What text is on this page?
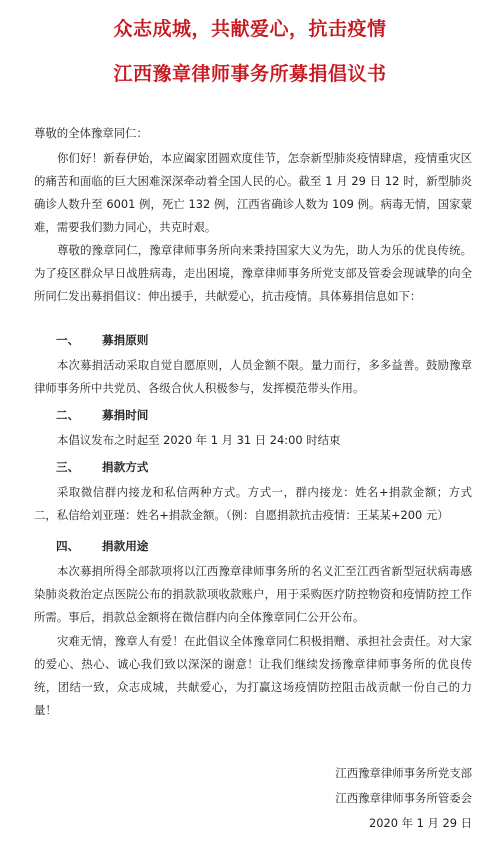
众志成城，共献爱心，抗击疫情
江西豫章律师事务所募捐倡议书

尊敬的全体豫章同仁：

你们好！新春伊始，本应阖家团圆欢度佳节，怎奈新型肺炎疫情肆虐，疫情重灾区的痛苦和面临的巨大困难深深牵动着全国人民的心。截至 1 月 29 日 12 时，新型肺炎确诊人数升至 6001 例，死亡 132 例，江西省确诊人数为 109 例。病毒无情，国家蒙难，需要我们勠力同心，共克时艰。

尊敬的豫章同仁，豫章律师事务所向来秉持国家大义为先，助人为乐的优良传统。为了疫区群众早日战胜病毒，走出困境，豫章律师事务所党支部及管委会现诚挚的向全所同仁发出募捐倡议：伸出援手，共献爱心，抗击疫情。具体募捐信息如下：

一、 募捐原则

本次募捐活动采取自觉自愿原则，人员金额不限。量力而行，多多益善。鼓励豫章律师事务所中共党员、各级合伙人积极参与，发挥模范带头作用。

二、 募捐时间

本倡议发布之时起至 2020 年 1 月 31 日 24:00 时结束

三、 捐款方式

采取微信群内接龙和私信两种方式。方式一，群内接龙：姓名+捐款金额；方式二，私信给刘亚瑾：姓名+捐款金额。（例：自愿捐款抗击疫情：王某某+200 元）

四、 捐款用途

本次募捐所得全部款项将以江西豫章律师事务所的名义汇至江西省新型冠状病毒感染肺炎救治定点医院公布的捐款款项收款账户，用于采购医疗防控物资和疫情防控工作所需。事后，捐款总金额将在微信群内向全体豫章同仁公开公布。

灾难无情，豫章人有爱！在此倡议全体豫章同仁积极捐赠、承担社会责任。对大家的爱心、热心、诚心我们致以深深的谢意！让我们继续发扬豫章律师事务所的优良传统，团结一致，众志成城，共献爱心，为打赢这场疫情防控阻击战贡献一份自己的力量！

江西豫章律师事务所党支部
江西豫章律师事务所管委会
2020 年 1 月 29 日
